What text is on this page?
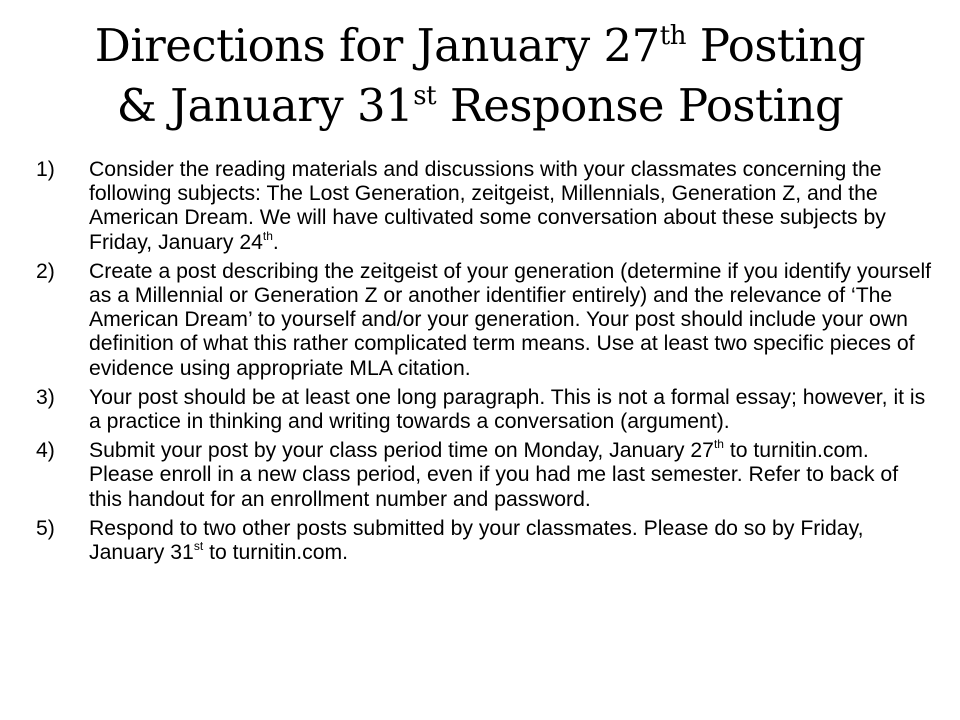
Directions for January 27th Posting
& January 31st Response Posting
1) Consider the reading materials and discussions with your classmates concerning the following subjects: The Lost Generation, zeitgeist, Millennials, Generation Z, and the American Dream. We will have cultivated some conversation about these subjects by Friday, January 24th.
2) Create a post describing the zeitgeist of your generation (determine if you identify yourself as a Millennial or Generation Z or another identifier entirely) and the relevance of ‘The American Dream’ to yourself and/or your generation. Your post should include your own definition of what this rather complicated term means. Use at least two specific pieces of evidence using appropriate MLA citation.
3) Your post should be at least one long paragraph. This is not a formal essay; however, it is a practice in thinking and writing towards a conversation (argument).
4) Submit your post by your class period time on Monday, January 27th to turnitin.com. Please enroll in a new class period, even if you had me last semester. Refer to back of this handout for an enrollment number and password.
5) Respond to two other posts submitted by your classmates. Please do so by Friday, January 31st to turnitin.com.
